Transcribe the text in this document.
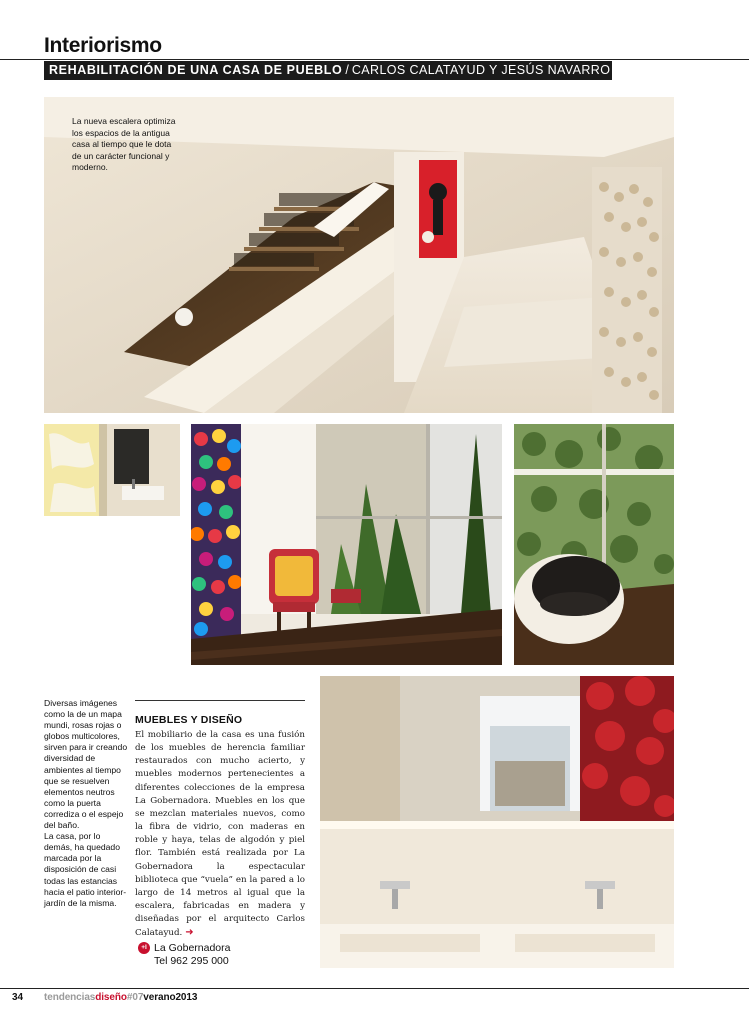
Interiorismo
REHABILITACIÓN DE UNA CASA DE PUEBLO / CARLOS CALATAYUD Y JESÚS NAVARRO
La nueva escalera optimiza los espacios de la antigua casa al tiempo que le dota de un carácter funcional y moderno.

Diversas imágenes como la de un mapa mundi, rosas rojas o globos multicolores, sirven para ir creando diversidad de ambientes al tiempo que se resuelven elementos neutros como la puerta corrediza o el espejo del baño.

La casa, por lo demás, ha quedado marcada por la disposición de casi todas las estancias hacia el patio interior-jardín de la misma.

MUEBLES Y DISEÑO
El mobiliario de la casa es una fusión de los muebles de herencia familiar restaurados con mucho acierto, y muebles modernos pertenecientes a diferentes colecciones de la empresa La Gobernadora. Muebles en los que se mezclan materiales nuevos, como la fibra de vidrio, con maderas en roble y haya, telas de algodón y piel flor. También está realizada por La Gobernadora la espectacular biblioteca que “vuela” en la pared a lo largo de 14 metros al igual que la escalera, fabricadas en madera y diseñadas por el arquitecto Carlos Calatayud. ➜
+I La Gobernadora
Tel 962 295 000
34 tendenciasdiseño#07verano2013
